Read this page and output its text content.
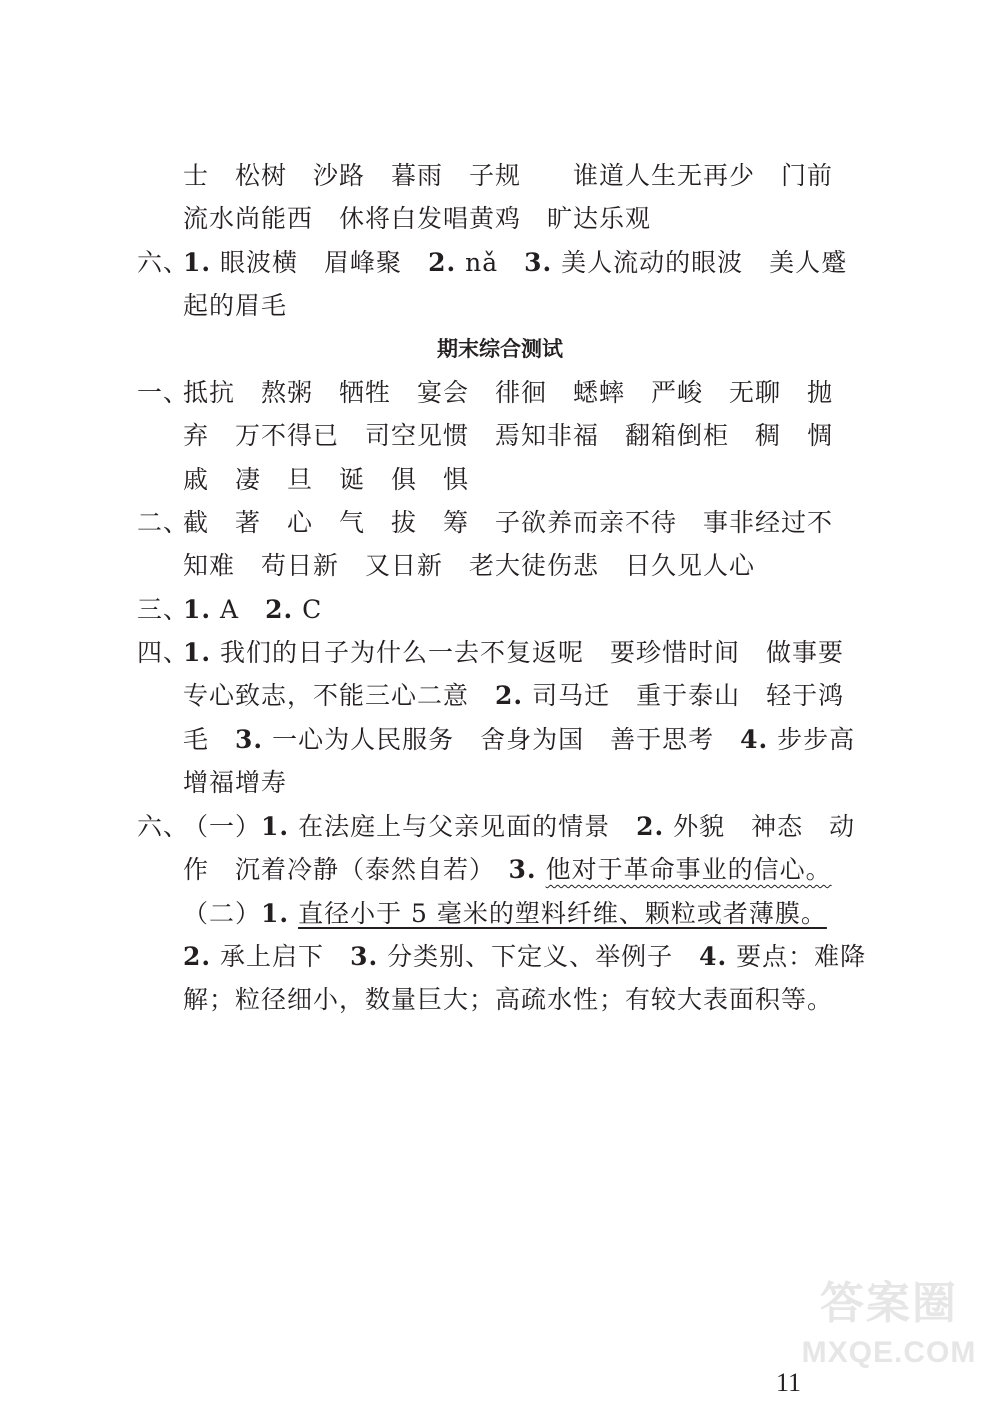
士　松树　沙路　暮雨　子规　　谁道人生无再少　门前
流水尚能西　休将白发唱黄鸡　旷达乐观
六、
1. 眼波横　眉峰聚　2. nǎ　3. 美人流动的眼波　美人蹙
起的眉毛
期末综合测试
一、
抵抗　熬粥　牺牲　宴会　徘徊　蟋蟀　严峻　无聊　抛
弃　万不得已　司空见惯　焉知非福　翻箱倒柜　稠　惆
戚　凄　旦　诞　俱　惧
二、
截　著　心　气　拔　筹　子欲养而亲不待　事非经过不
知难　苟日新　又日新　老大徒伤悲　日久见人心
三、
1. A　2. C
四、
1. 我们的日子为什么一去不复返呢　要珍惜时间　做事要
专心致志，不能三心二意　2. 司马迁　重于泰山　轻于鸿
毛　3. 一心为人民服务　舍身为国　善于思考　4. 步步高
增福增寿
六、
（一）1. 在法庭上与父亲见面的情景　2. 外貌　神态　动
作　沉着冷静（泰然自若）　3. 他对于革命事业的信心。
（二）1. 直径小于 5 毫米的塑料纤维、颗粒或者薄膜。
2. 承上启下　3. 分类别、下定义、举例子　4. 要点：难降
解；粒径细小，数量巨大；高疏水性；有较大表面积等。
11
答案圈
MXQE.COM
